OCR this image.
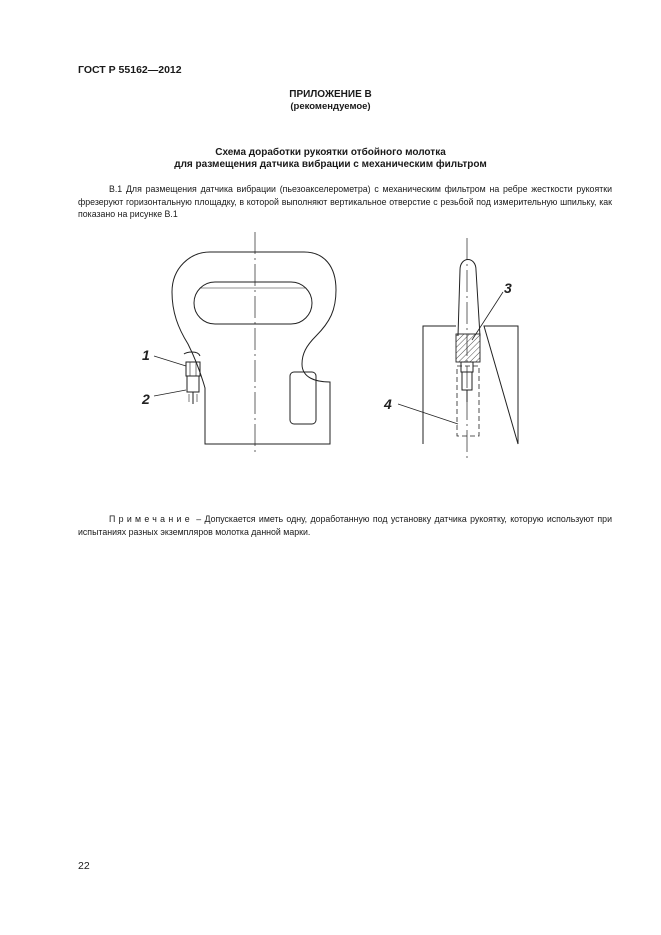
ГОСТ Р 55162—2012
ПРИЛОЖЕНИЕ В
(рекомендуемое)
Схема доработки рукоятки отбойного молотка
для размещения датчика вибрации с механическим фильтром
В.1 Для размещения датчика вибрации (пьезоакселерометра) с механическим фильтром на ребре жесткости рукоятки фрезеруют горизонтальную площадку, в которой выполняют вертикальное отверстие с резьбой под измерительную шпильку, как показано на рисунке В.1
1
2
3
4
Примечание – Допускается иметь одну, доработанную под установку датчика рукоятку, которую используют при испытаниях разных экземпляров молотка данной марки.
22
